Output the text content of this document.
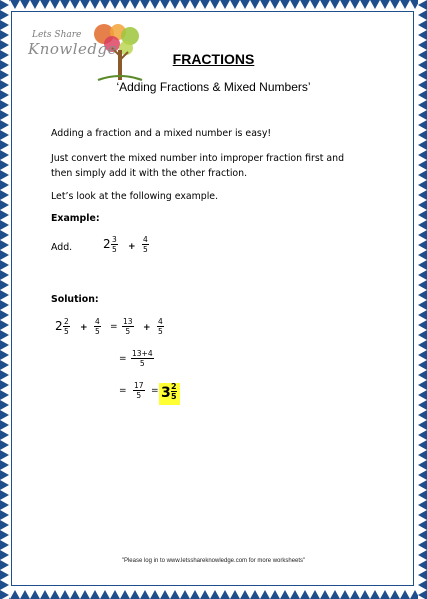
Lets Share
Knowledge
FRACTIONS
‘Adding Fractions & Mixed Numbers’
Adding a fraction and a mixed number is easy!
Just convert the mixed number into improper fraction first and
then simply add it with the other fraction.
Let’s look at the following example.
Example:
Add.	$2 \frac{3}{5} + \frac{4}{5}$
Solution:
$2 \frac{2}{5} + \frac{4}{5} = \frac{13}{5} + \frac{4}{5}$
= $\frac{13+4}{5}$
= $\frac{17}{5} = 3 \frac{2}{5}$
"Please log in to www.letsshareknowledge.com for more worksheets"
